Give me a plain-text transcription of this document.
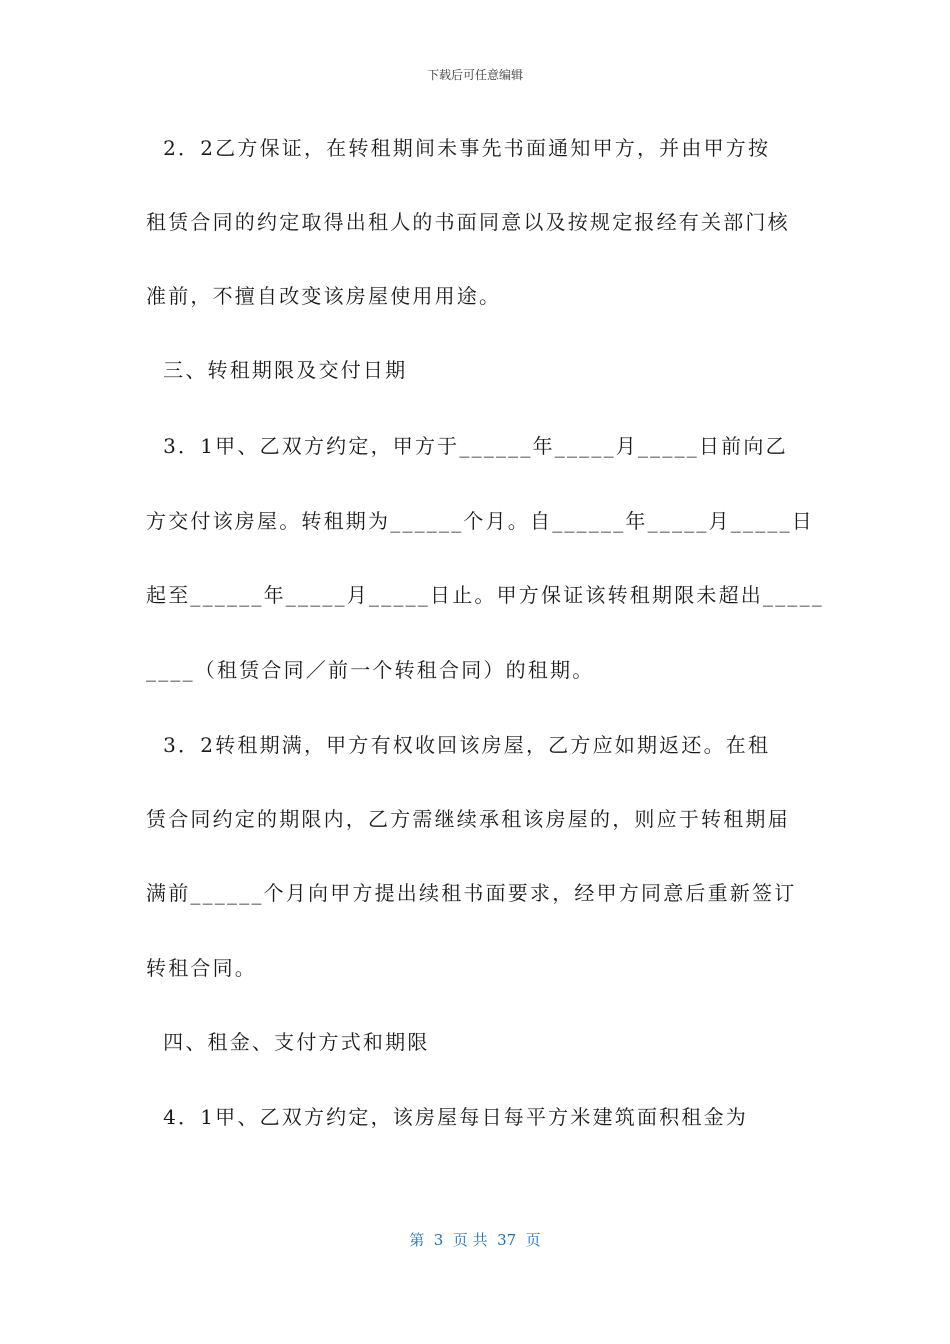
下载后可任意编辑
2．2乙方保证，在转租期间未事先书面通知甲方，并由甲方按
租赁合同的约定取得出租人的书面同意以及按规定报经有关部门核
准前，不擅自改变该房屋使用用途。
三、转租期限及交付日期
3．1甲、乙双方约定，甲方于______年_____月_____日前向乙
方交付该房屋。转租期为______个月。自______年_____月_____日
起至______年_____月_____日止。甲方保证该转租期限未超出_____
____（租赁合同／前一个转租合同）的租期。
3．2转租期满，甲方有权收回该房屋，乙方应如期返还。在租
赁合同约定的期限内，乙方需继续承租该房屋的，则应于转租期届
满前______个月向甲方提出续租书面要求，经甲方同意后重新签订
转租合同。
四、租金、支付方式和期限
4．1甲、乙双方约定，该房屋每日每平方米建筑面积租金为
第  3  页 共  37  页
